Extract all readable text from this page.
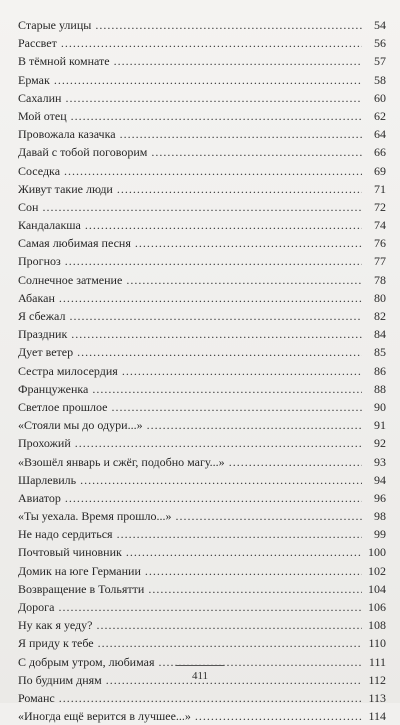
Старые улицы .....	54
Рассвет .....	56
В тёмной комнате .....	57
Ермак .....	58
Сахалин .....	60
Мой отец .....	62
Провожала казачка .....	64
Давай с тобой поговорим .....	66
Соседка .....	69
Живут такие люди .....	71
Сон .....	72
Кандалакша .....	74
Самая любимая песня .....	76
Прогноз .....	77
Солнечное затмение .....	78
Абакан .....	80
Я сбежал .....	82
Праздник .....	84
Дует ветер .....	85
Сестра милосердия .....	86
Француженка .....	88
Светлое прошлое .....	90
«Стояли мы до одури...» .....	91
Прохожий .....	92
«Взошёл январь и сжёг, подобно магу...» .....	93
Шарлевиль .....	94
Авиатор .....	96
«Ты уехала. Время прошло...» .....	98
Не надо сердиться .....	99
Почтовый чиновник .....	100
Домик на юге Германии .....	102
Возвращение в Тольятти .....	104
Дорога .....	106
Ну как я уеду? .....	108
Я приду к тебе .....	110
С добрым утром, любимая .....	111
По будним дням .....	112
Романс .....	113
«Иногда ещё верится в лучшее...» .....	114
411
